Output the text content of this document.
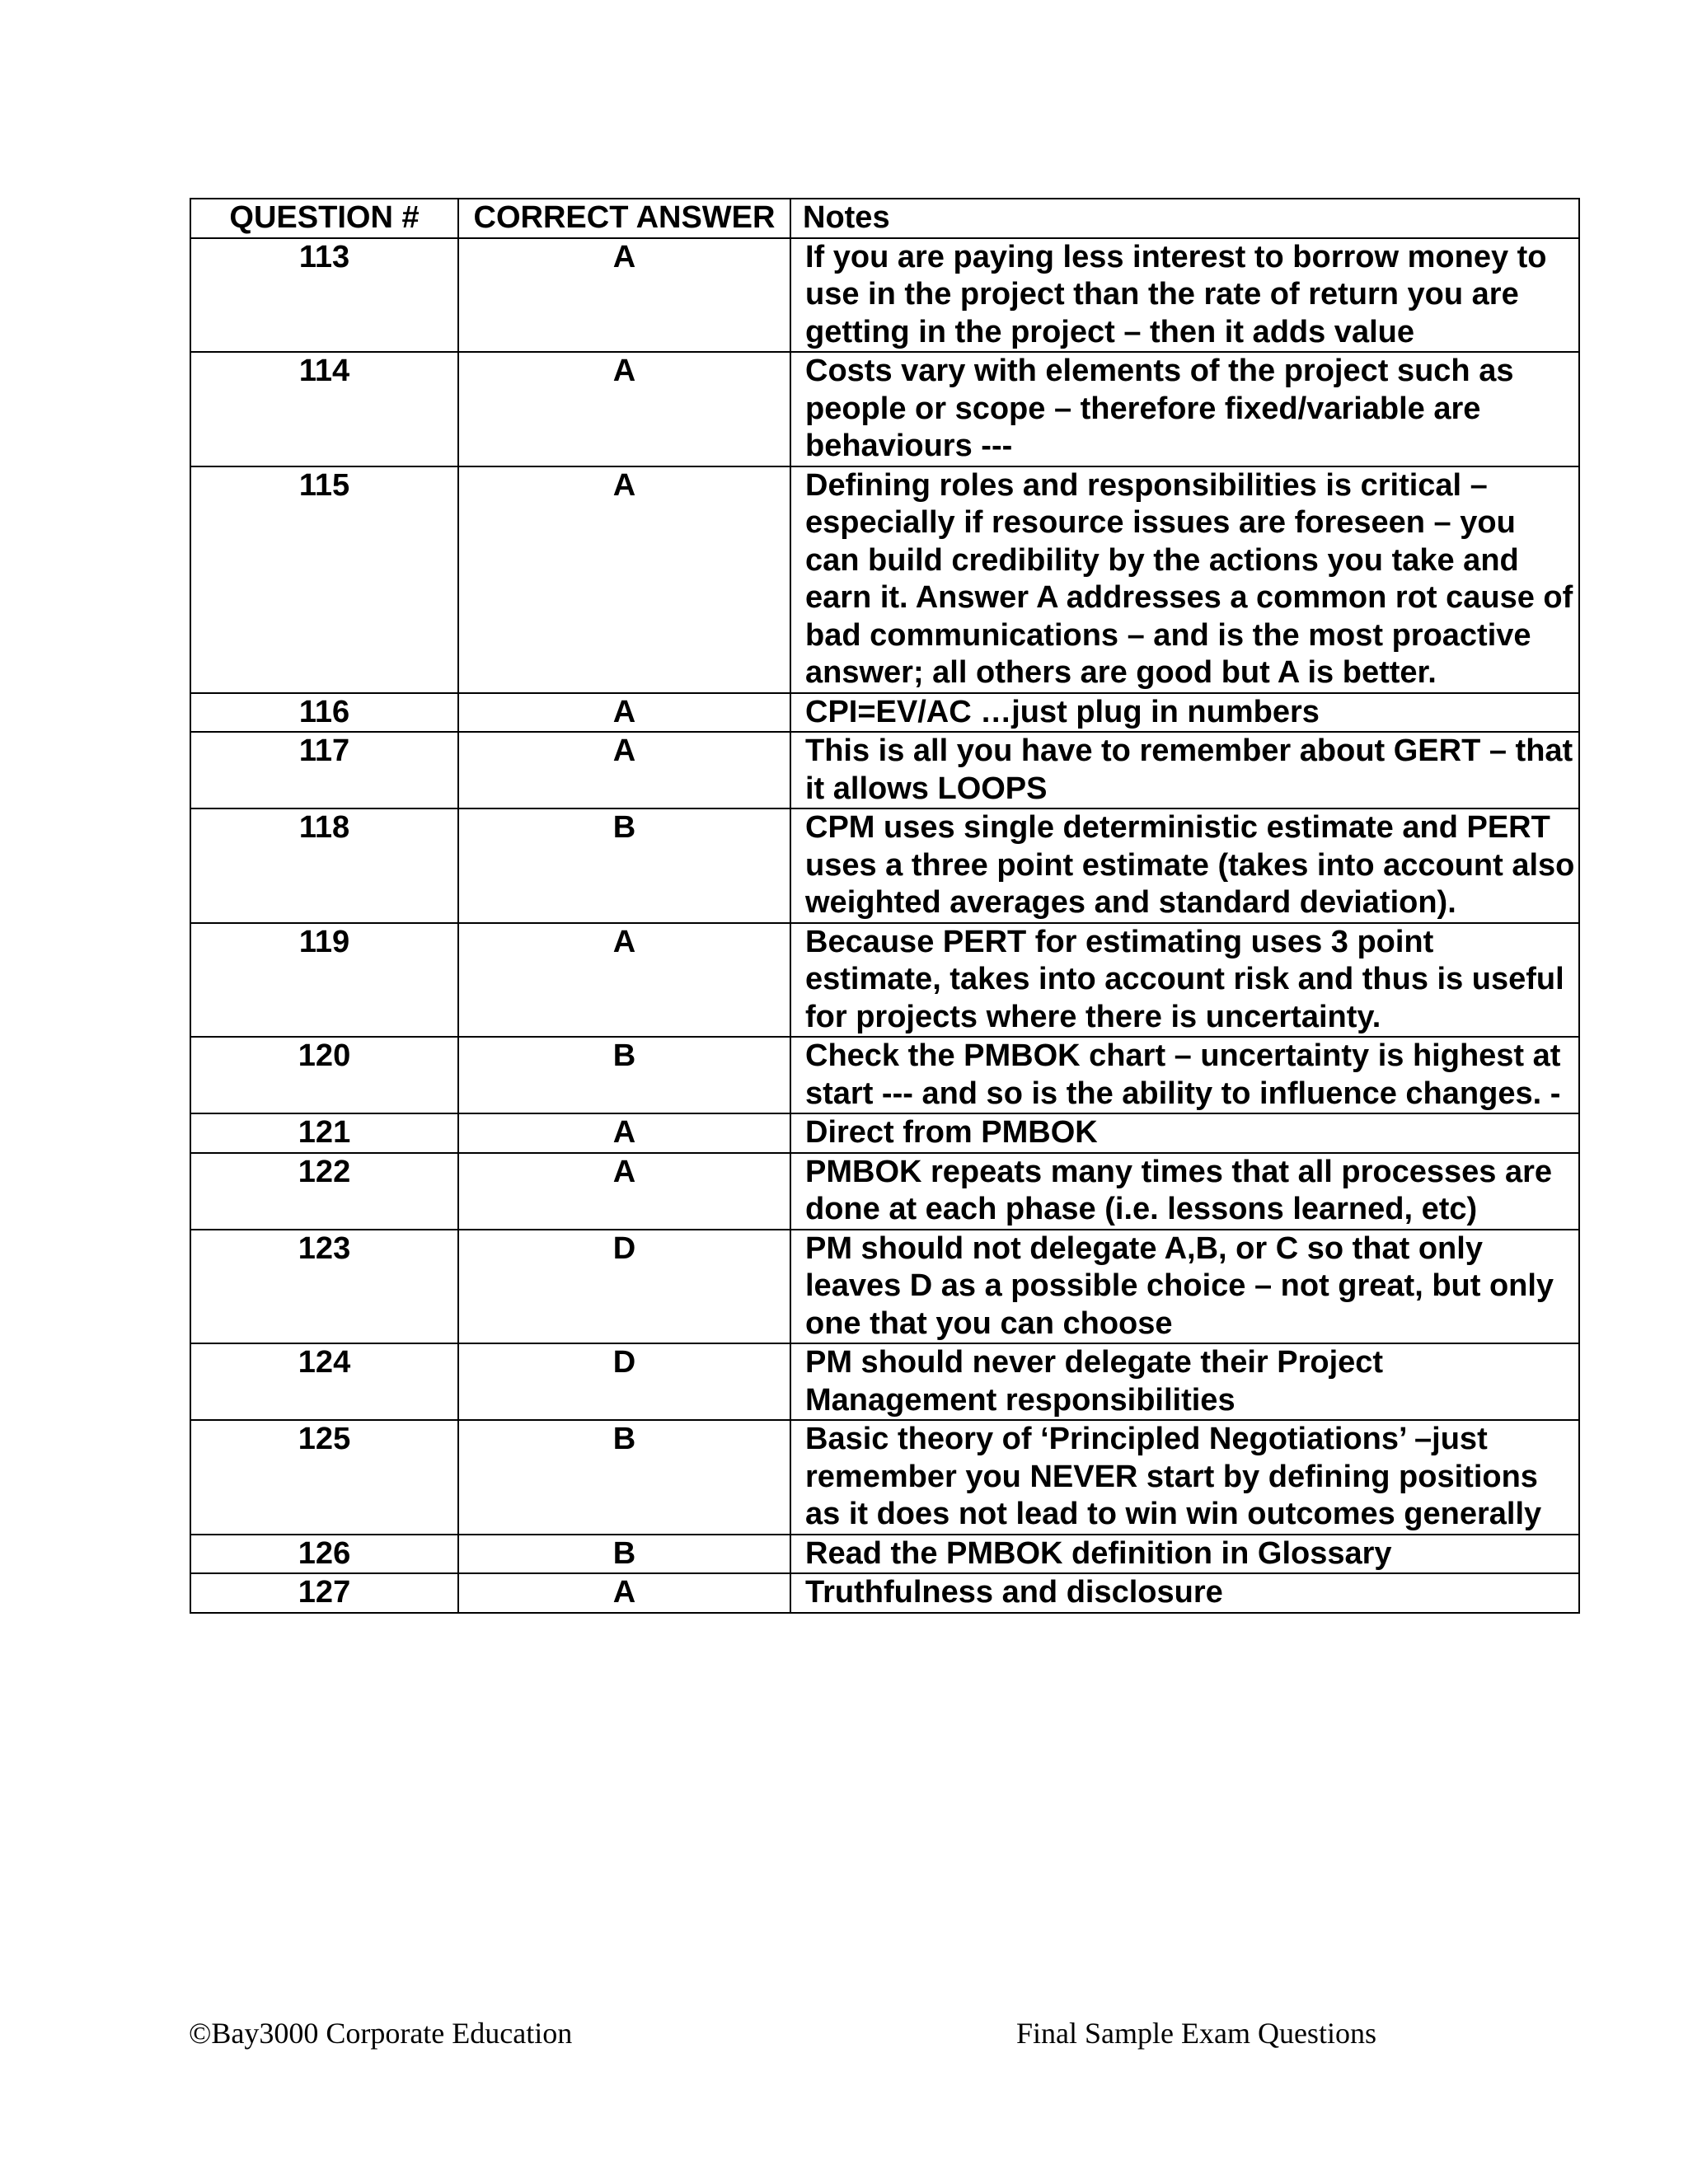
QUESTION #	CORRECT ANSWER	Notes
113	A	If you are paying less interest to borrow money to use in the project than the rate of return you are getting in the project – then it adds value
114	A	Costs vary with elements of the project such as people or scope – therefore fixed/variable are behaviours ---
115	A	Defining roles and responsibilities is critical – especially if resource issues are foreseen – you can build credibility by the actions you take and earn it. Answer A addresses a common rot cause of bad communications – and is the most proactive answer; all others are good but A is better.
116	A	CPI=EV/AC …just plug in numbers
117	A	This is all you have to remember about GERT – that it allows LOOPS
118	B	CPM uses single deterministic estimate and PERT uses a three point estimate (takes into account also weighted averages and standard deviation).
119	A	Because PERT for estimating uses 3 point estimate, takes into account risk and thus is useful for projects where there is uncertainty.
120	B	Check the PMBOK chart – uncertainty is highest at start --- and so is the ability to influence changes. -
121	A	Direct from PMBOK
122	A	PMBOK repeats many times that all processes are done at each phase (i.e. lessons learned, etc)
123	D	PM should not delegate A,B, or C so that only leaves D as a possible choice – not great, but only one that you can choose
124	D	PM should never delegate their Project Management responsibilities
125	B	Basic theory of ‘Principled Negotiations’ –just remember you NEVER start by defining positions as it does not lead to win win outcomes generally
126	B	Read the PMBOK definition in Glossary
127	A	Truthfulness and disclosure
©Bay3000 Corporate Education	Final Sample Exam Questions
